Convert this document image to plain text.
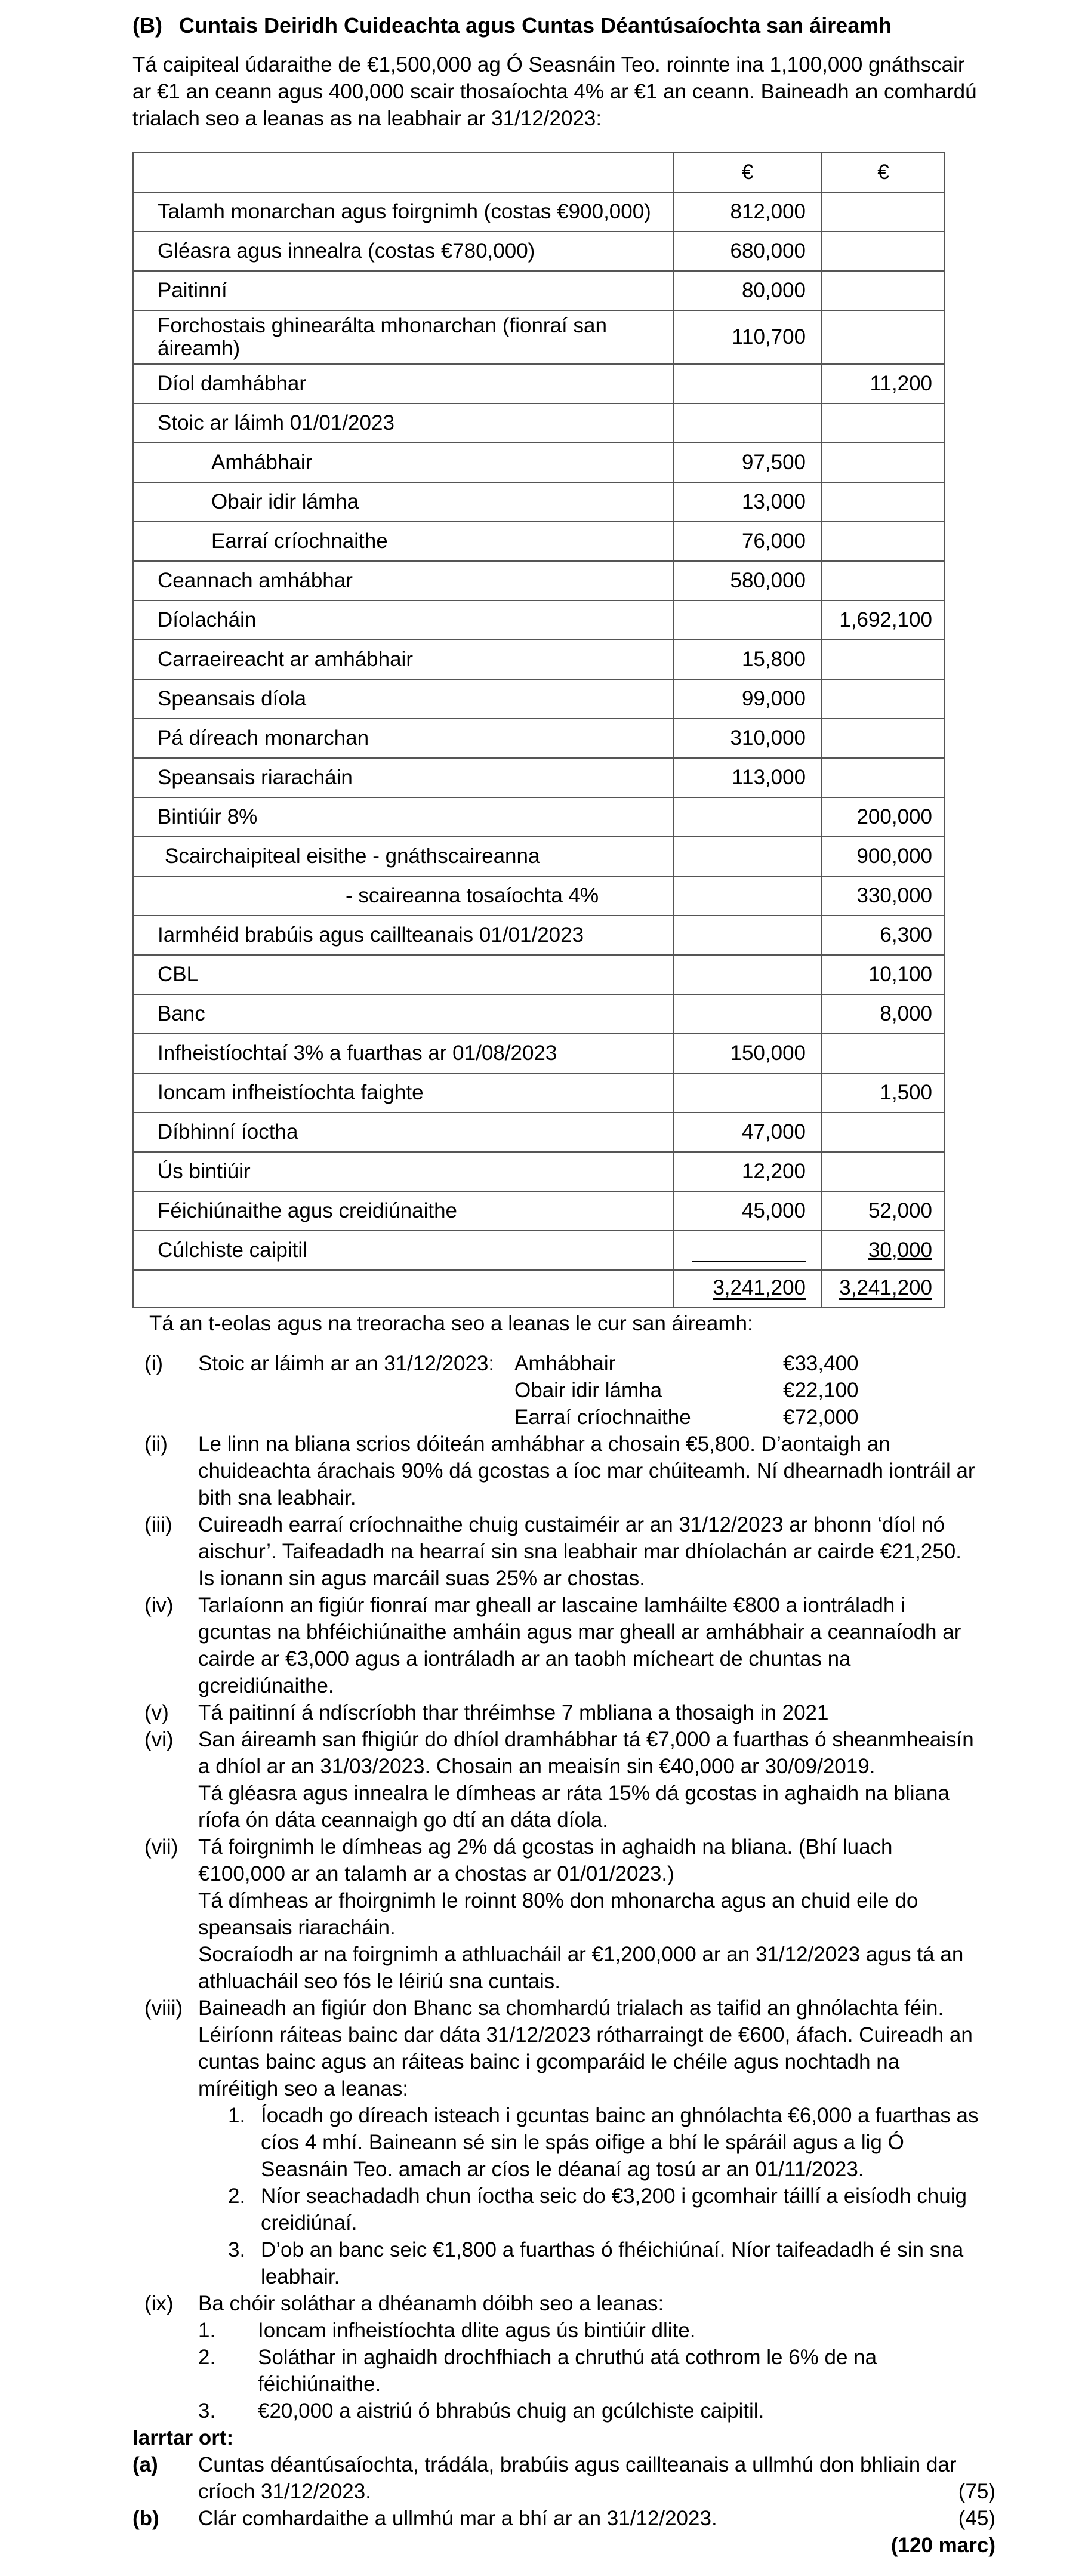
(B) Cuntais Deiridh Cuideachta agus Cuntas Déantúsaíochta san áireamh
Tá caipiteal údaraithe de €1,500,000 ag Ó Seasnáin Teo. roinnte ina 1,100,000 gnáthscair ar €1 an ceann agus 400,000 scair thosaíochta 4% ar €1 an ceann. Baineadh an comhardú trialach seo a leanas as na leabhair ar 31/12/2023:
	€	€
Talamh monarchan agus foirgnimh (costas €900,000)	812,000	
Gléasra agus innealra (costas €780,000)	680,000	
Paitinní	80,000	
Forchostais ghinearálta mhonarchan (fionraí san áireamh)	110,700	
Díol damhábhar		11,200
Stoic ar láimh 01/01/2023		
Amhábhair	97,500	
Obair idir lámha	13,000	
Earraí críochnaithe	76,000	
Ceannach amhábhar	580,000	
Díolacháin		1,692,100
Carraeireacht ar amhábhair	15,800	
Speansais díola	99,000	
Pá díreach monarchan	310,000	
Speansais riaracháin	113,000	
Bintiúir 8%		200,000
Scairchaipiteal eisithe - gnáthscaireanna		900,000
- scaireanna tosaíochta 4%		330,000
Iarmhéid brabúis agus caillteanais 01/01/2023		6,300
CBL		10,100
Banc		8,000
Infheistíochtaí 3% a fuarthas ar 01/08/2023	150,000	
Ioncam infheistíochta faighte		1,500
Díbhinní íoctha	47,000	
Ús bintiúir	12,200	
Féichiúnaithe agus creidiúnaithe	45,000	52,000
Cúlchiste caipitil		30,000
	3,241,200	3,241,200
Tá an t-eolas agus na treoracha seo a leanas le cur san áireamh:
(i) Stoic ar láimh ar an 31/12/2023: Amhábhair	€33,400
Obair idir lámha	€22,100
Earraí críochnaithe	€72,000
(ii) Le linn na bliana scrios dóiteán amhábhar a chosain €5,800. D’aontaigh an chuideachta árachais 90% dá gcostas a íoc mar chúiteamh. Ní dhearnadh iontráil ar bith sna leabhair.

(iii) Cuireadh earraí críochnaithe chuig custaiméir ar an 31/12/2023 ar bhonn ‘díol nó aischur’. Taifeadadh na hearraí sin sna leabhair mar dhíolachán ar cairde €21,250. Is ionann sin agus marcáil suas 25% ar chostas.

(iv) Tarlaíonn an figiúr fionraí mar gheall ar lascaine lamháilte €800 a iontráladh i gcuntas na bhféichiúnaithe amháin agus mar gheall ar amhábhair a ceannaíodh ar cairde ar €3,000 agus a iontráladh ar an taobh mícheart de chuntas na gcreidiúnaithe.

(v) Tá paitinní á ndíscríobh thar thréimhse 7 mbliana a thosaigh in 2021

(vi) San áireamh san fhigiúr do dhíol dramhábhar tá €7,000 a fuarthas ó sheanmheaisín a dhíol ar an 31/03/2023. Chosain an meaisín sin €40,000 ar 30/09/2019.

Tá gléasra agus innealra le dímheas ar ráta 15% dá gcostas in aghaidh na bliana ríofa ón dáta ceannaigh go dtí an dáta díola.

(vii) Tá foirgnimh le dímheas ag 2% dá gcostas in aghaidh na bliana. (Bhí luach €100,000 ar an talamh ar a chostas ar 01/01/2023.)

Tá dímheas ar fhoirgnimh le roinnt 80% don mhonarcha agus an chuid eile do speansais riaracháin.

Socraíodh ar na foirgnimh a athluacháil ar €1,200,000 ar an 31/12/2023 agus tá an athluacháil seo fós le léiriú sna cuntais.

(viii) Baineadh an figiúr don Bhanc sa chomhardú trialach as taifid an ghnólachta féin. Léiríonn ráiteas bainc dar dáta 31/12/2023 rótharraingt de €600, áfach. Cuireadh an cuntas bainc agus an ráiteas bainc i gcomparáid le chéile agus nochtadh na míréitigh seo a leanas:

1. Íocadh go díreach isteach i gcuntas bainc an ghnólachta €6,000 a fuarthas as cíos 4 mhí. Baineann sé sin le spás oifige a bhí le spáráil agus a lig Ó Seasnáin Teo. amach ar cíos le déanaí ag tosú ar an 01/11/2023.
2. Níor seachadadh chun íoctha seic do €3,200 i gcomhair táillí a eisíodh chuig creidiúnaí.
3. D’ob an banc seic €1,800 a fuarthas ó fhéichiúnaí. Níor taifeadadh é sin sna leabhair.
(ix) Ba chóir soláthar a dhéanamh dóibh seo a leanas:

1. Ioncam infheistíochta dlite agus ús bintiúir dlite.
2. Soláthar in aghaidh drochfhiach a chruthú atá cothrom le 6% de na féichiúnaithe.
3. €20,000 a aistriú ó bhrabús chuig an gcúlchiste caipitil.
Iarrtar ort:
(a) Cuntas déantúsaíochta, trádála, brabúis agus caillteanais a ullmhú don bhliain dar críoch 31/12/2023.	(75)
(b) Clár comhardaithe a ullmhú mar a bhí ar an 31/12/2023.	(45)
(120 marc)
